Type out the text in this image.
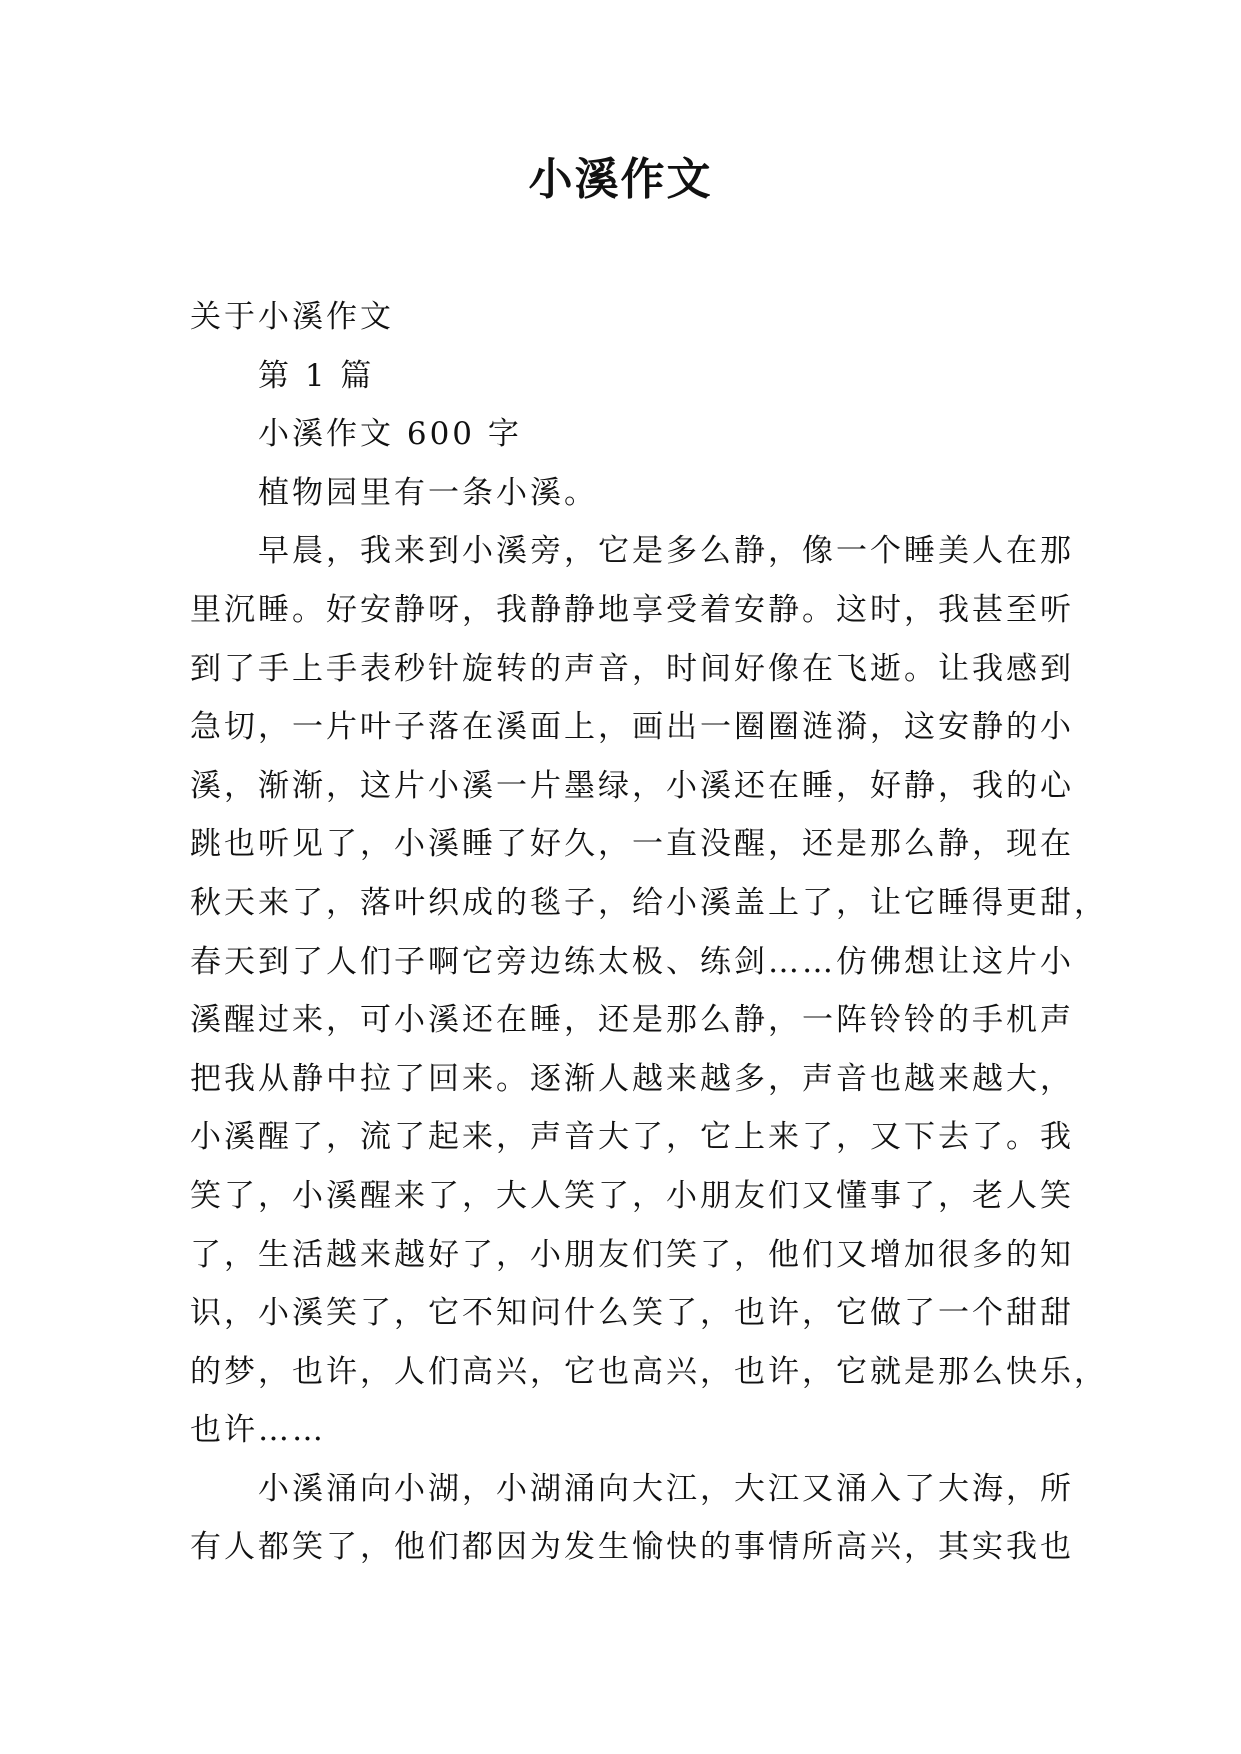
小溪作文

关于小溪作文

第 1 篇

小溪作文 600 字

植物园里有一条小溪。

早晨，我来到小溪旁，它是多么静，像一个睡美人在那

里沉睡。好安静呀，我静静地享受着安静。这时，我甚至听

到了手上手表秒针旋转的声音，时间好像在飞逝。让我感到

急切，一片叶子落在溪面上，画出一圈圈涟漪，这安静的小

溪，渐渐，这片小溪一片墨绿，小溪还在睡，好静，我的心

跳也听见了，小溪睡了好久，一直没醒，还是那么静，现在

秋天来了，落叶织成的毯子，给小溪盖上了，让它睡得更甜，

春天到了人们子啊它旁边练太极、练剑……仿佛想让这片小

溪醒过来，可小溪还在睡，还是那么静，一阵铃铃的手机声

把我从静中拉了回来。逐渐人越来越多，声音也越来越大，

小溪醒了，流了起来，声音大了，它上来了，又下去了。我

笑了，小溪醒来了，大人笑了，小朋友们又懂事了，老人笑

了，生活越来越好了，小朋友们笑了，他们又增加很多的知

识，小溪笑了，它不知问什么笑了，也许，它做了一个甜甜

的梦，也许，人们高兴，它也高兴，也许，它就是那么快乐，

也许……

小溪涌向小湖，小湖涌向大江，大江又涌入了大海，所

有人都笑了，他们都因为发生愉快的事情所高兴，其实我也
